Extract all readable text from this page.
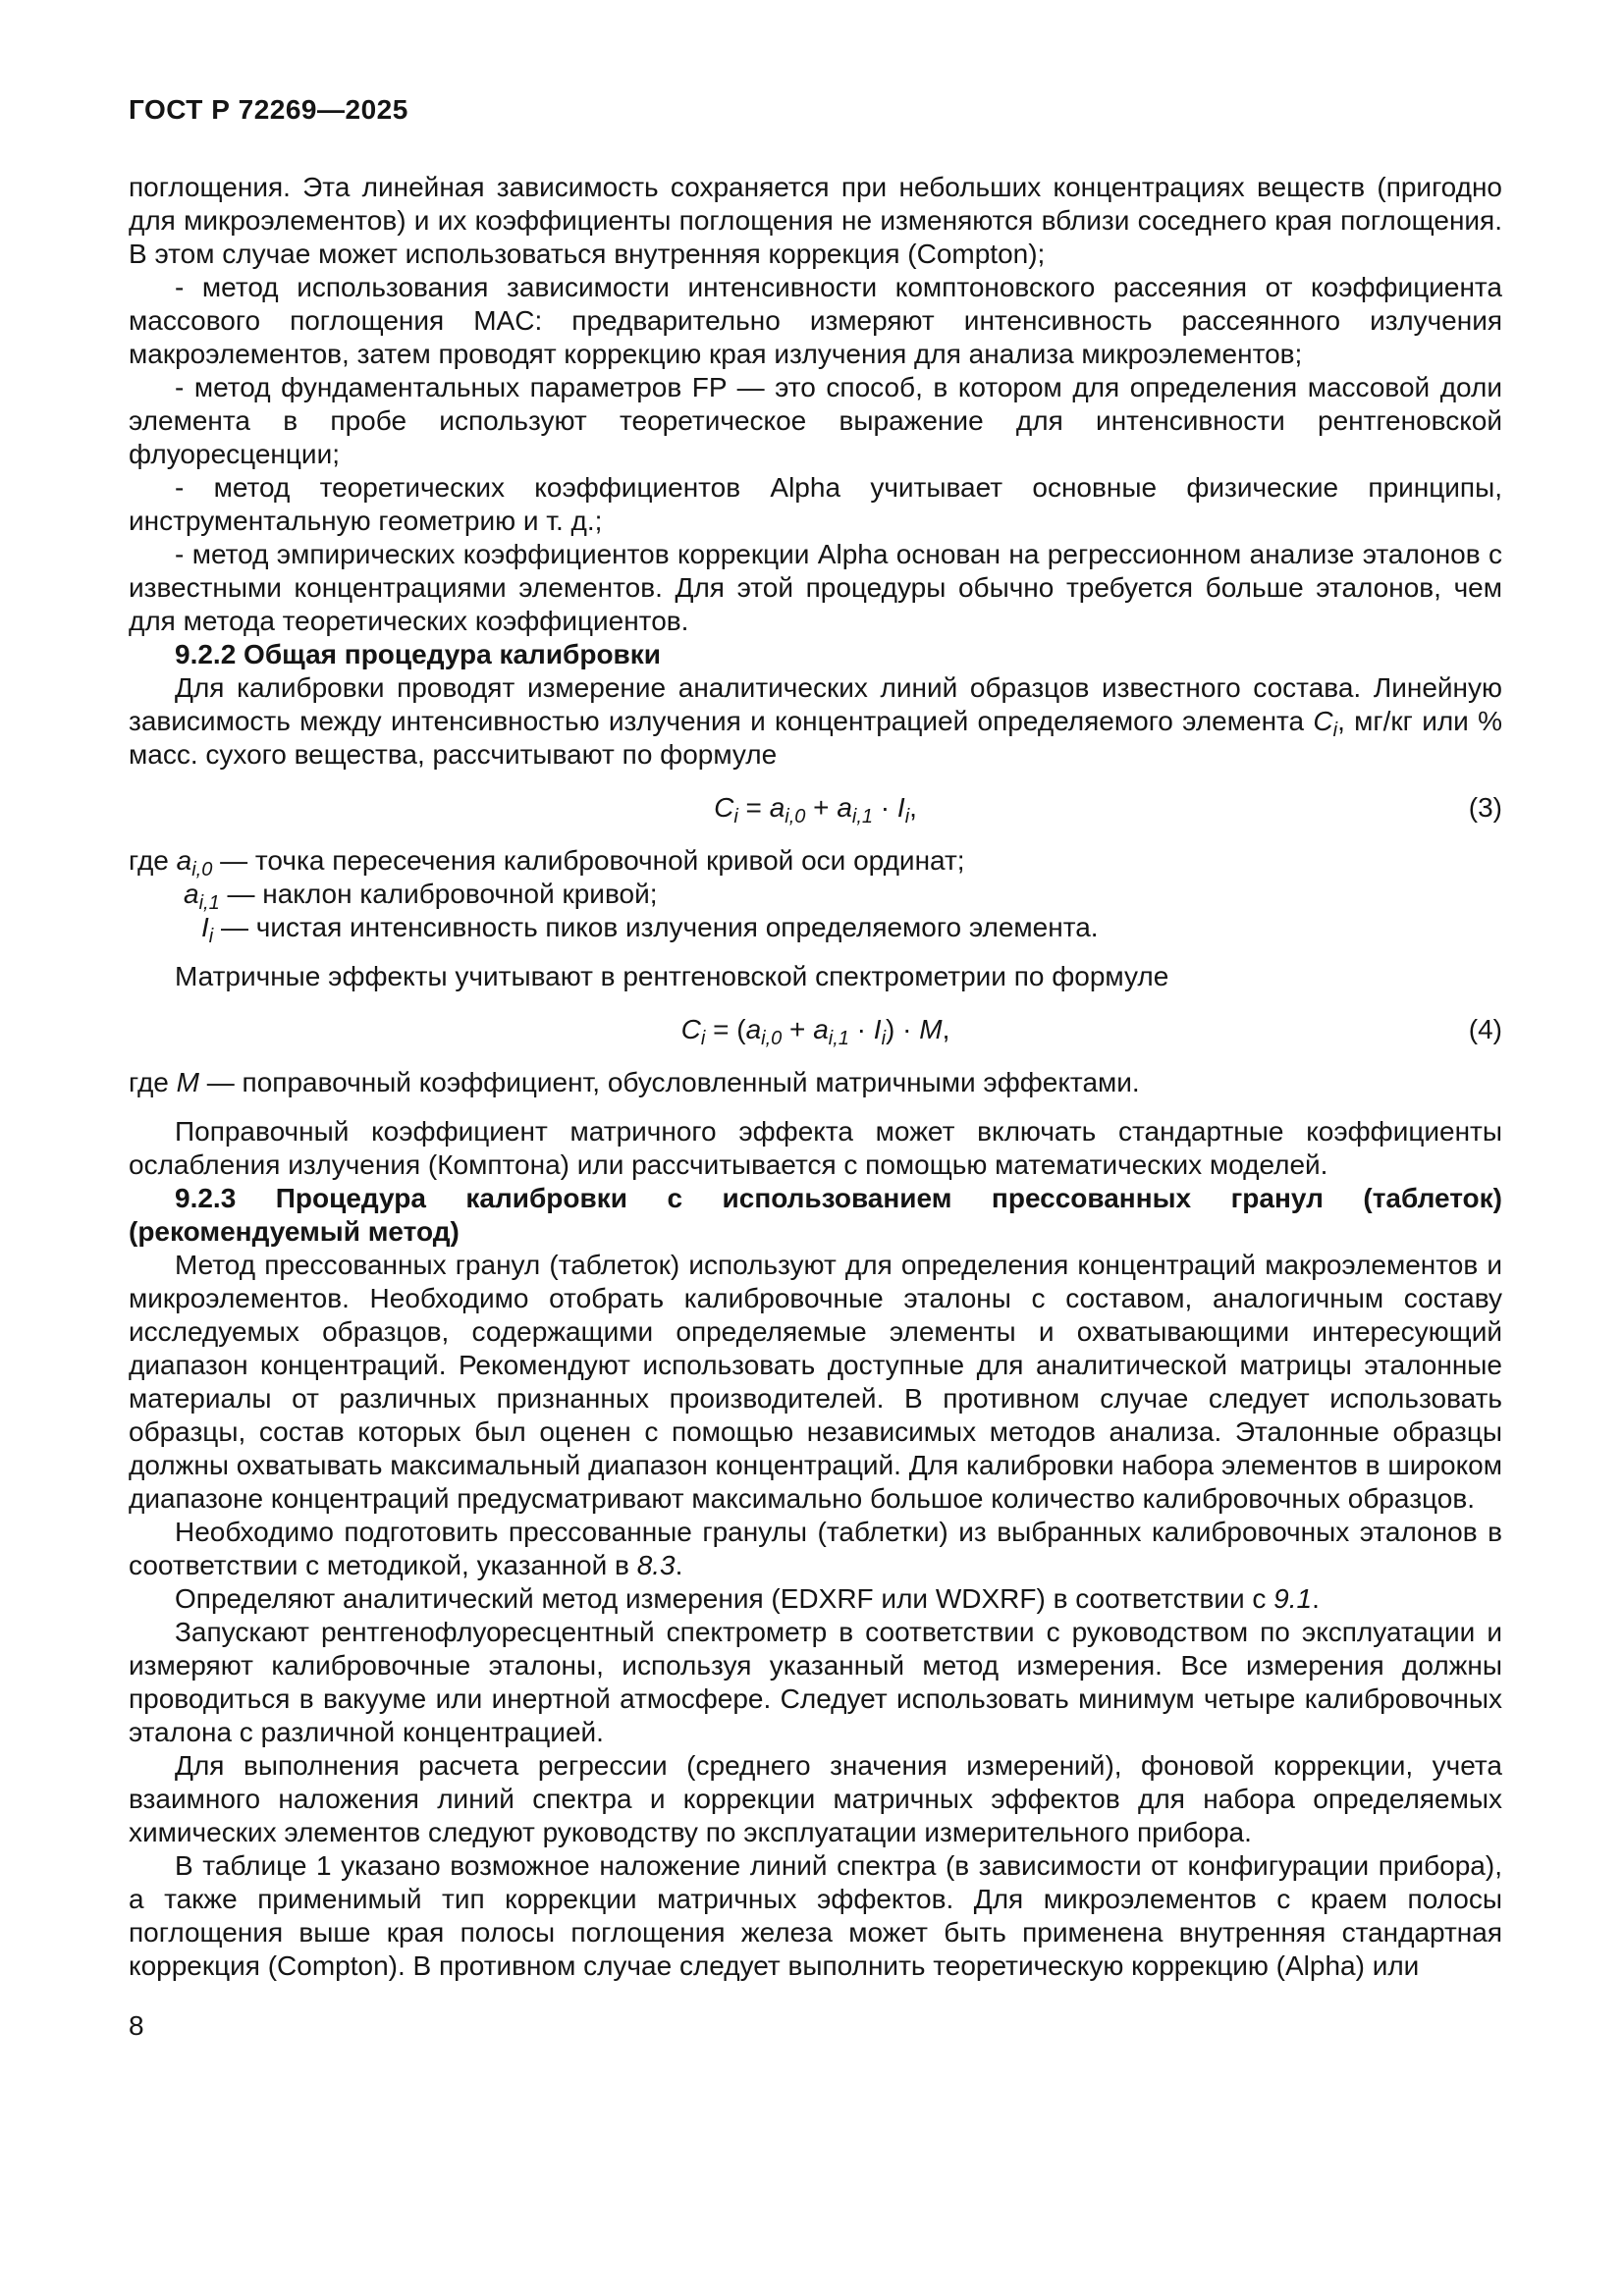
ГОСТ Р 72269—2025

поглощения. Эта линейная зависимость сохраняется при небольших концентрациях веществ (пригодно для микроэлементов) и их коэффициенты поглощения не изменяются вблизи соседнего края поглощения. В этом случае может использоваться внутренняя коррекция (Compton);

- метод использования зависимости интенсивности комптоновского рассеяния от коэффициента массового поглощения MAC: предварительно измеряют интенсивность рассеянного излучения макроэлементов, затем проводят коррекцию края излучения для анализа микроэлементов;

- метод фундаментальных параметров FP — это способ, в котором для определения массовой доли элемента в пробе используют теоретическое выражение для интенсивности рентгеновской флуоресценции;

- метод теоретических коэффициентов Alpha учитывает основные физические принципы, инструментальную геометрию и т. д.;

- метод эмпирических коэффициентов коррекции Alpha основан на регрессионном анализе эталонов с известными концентрациями элементов. Для этой процедуры обычно требуется больше эталонов, чем для метода теоретических коэффициентов.

9.2.2 Общая процедура калибровки

Для калибровки проводят измерение аналитических линий образцов известного состава. Линейную зависимость между интенсивностью излучения и концентрацией определяемого элемента $C_i$, мг/кг или % масс. сухого вещества, рассчитывают по формуле

$C_i = a_{i,0} + a_{i,1} \cdot I_i$,	(3)

где $a_{i,0}$ — точка пересечения калибровочной кривой оси ординат;

$a_{i,1}$ — наклон калибровочной кривой;

$I_i$ — чистая интенсивность пиков излучения определяемого элемента.

Матричные эффекты учитывают в рентгеновской спектрометрии по формуле

$C_i = (a_{i,0} + a_{i,1} \cdot I_i) \cdot M$,	(4)

где M — поправочный коэффициент, обусловленный матричными эффектами.

Поправочный коэффициент матричного эффекта может включать стандартные коэффициенты ослабления излучения (Комптона) или рассчитывается с помощью математических моделей.

9.2.3 Процедура калибровки с использованием прессованных гранул (таблеток) (рекомендуемый метод)

Метод прессованных гранул (таблеток) используют для определения концентраций макроэлементов и микроэлементов. Необходимо отобрать калибровочные эталоны с составом, аналогичным составу исследуемых образцов, содержащими определяемые элементы и охватывающими интересующий диапазон концентраций. Рекомендуют использовать доступные для аналитической матрицы эталонные материалы от различных признанных производителей. В противном случае следует использовать образцы, состав которых был оценен с помощью независимых методов анализа. Эталонные образцы должны охватывать максимальный диапазон концентраций. Для калибровки набора элементов в широком диапазоне концентраций предусматривают максимально большое количество калибровочных образцов.

Необходимо подготовить прессованные гранулы (таблетки) из выбранных калибровочных эталонов в соответствии с методикой, указанной в 8.3.

Определяют аналитический метод измерения (EDXRF или WDXRF) в соответствии с 9.1.

Запускают рентгенофлуоресцентный спектрометр в соответствии с руководством по эксплуатации и измеряют калибровочные эталоны, используя указанный метод измерения. Все измерения должны проводиться в вакууме или инертной атмосфере. Следует использовать минимум четыре калибровочных эталона с различной концентрацией.

Для выполнения расчета регрессии (среднего значения измерений), фоновой коррекции, учета взаимного наложения линий спектра и коррекции матричных эффектов для набора определяемых химических элементов следуют руководству по эксплуатации измерительного прибора.

В таблице 1 указано возможное наложение линий спектра (в зависимости от конфигурации прибора), а также применимый тип коррекции матричных эффектов. Для микроэлементов с краем полосы поглощения выше края полосы поглощения железа может быть применена внутренняя стандартная коррекция (Compton). В противном случае следует выполнить теоретическую коррекцию (Alpha) или

8
